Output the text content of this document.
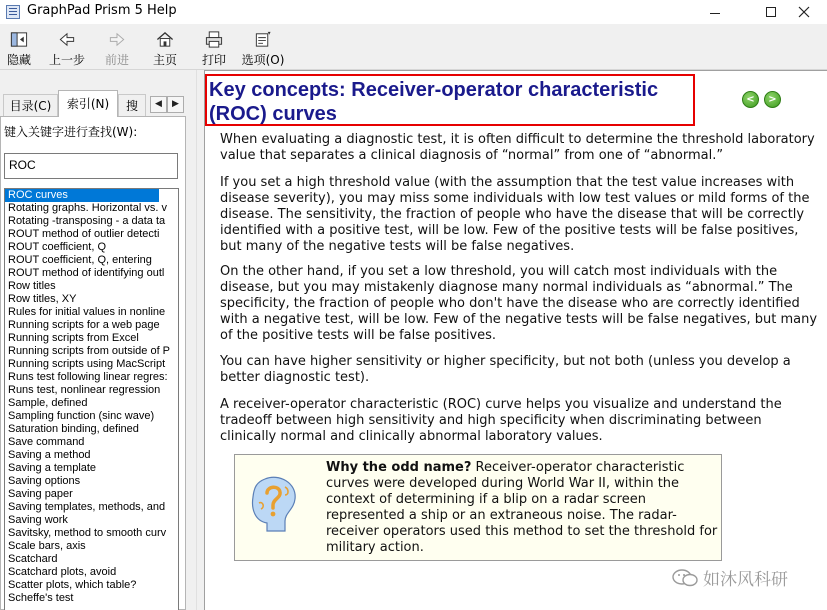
GraphPad Prism 5 Help
隐藏 上一步 前进 主页 打印 选项(O)
目录(C)	索引(N)	搜
键入关键字进行查找(W):
ROC
ROC curves
Rotating graphs. Horizontal vs. v
Rotating -transposing - a data ta
ROUT method of outlier detecti
ROUT coefficient, Q
ROUT coefficient, Q, entering
ROUT method of identifying outl
Row titles
Row titles, XY
Rules for initial values in nonline
Running scripts for a web page
Running scripts from Excel
Running scripts from outside of P
Running scripts using MacScript
Runs test following linear regres:
Runs test, nonlinear regression
Sample, defined
Sampling function (sinc wave)
Saturation binding, defined
Save command
Saving a method
Saving a template
Saving options
Saving paper
Saving templates, methods, and
Saving work
Savitsky, method to smooth curv
Scale bars, axis
Scatchard
Scatchard plots, avoid
Scatter plots, which table?
Scheffe's test
◀	▶
Key concepts: Receiver-operator characteristic (ROC) curves
<	>

When evaluating a diagnostic test, it is often difficult to determine the threshold laboratory value that separates a clinical diagnosis of “normal” from one of “abnormal.”

If you set a high threshold value (with the assumption that the test value increases with disease severity), you may miss some individuals with low test values or mild forms of the disease. The sensitivity, the fraction of people who have the disease that will be correctly identified with a positive test, will be low. Few of the positive tests will be false positives, but many of the negative tests will be false negatives.

On the other hand, if you set a low threshold, you will catch most individuals with the disease, but you may mistakenly diagnose many normal individuals as “abnormal.” The specificity, the fraction of people who don't have the disease who are correctly identified with a negative test, will be low. Few of the negative tests will be false negatives, but many of the positive tests will be false positives.

You can have higher sensitivity or higher specificity, but not both (unless you develop a better diagnostic test).

A receiver-operator characteristic (ROC) curve helps you visualize and understand the tradeoff between high sensitivity and high specificity when discriminating between clinically normal and clinically abnormal laboratory values.

Why the odd name? Receiver-operator characteristic curves were developed during World War II, within the context of determining if a blip on a radar screen represented a ship or an extraneous noise. The radar-receiver operators used this method to set the threshold for military action.
如沐风科研
